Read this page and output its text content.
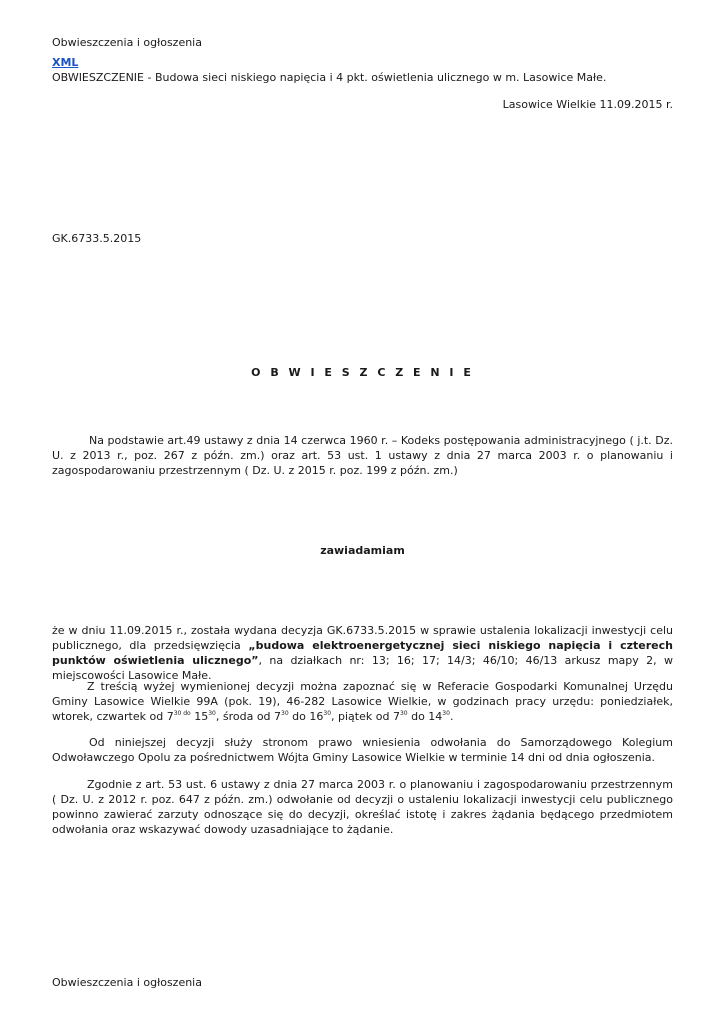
Obwieszczenia i ogłoszenia
XML
OBWIESZCZENIE - Budowa sieci niskiego napięcia i 4 pkt. oświetlenia ulicznego w m. Lasowice Małe.
Lasowice Wielkie 11.09.2015 r.
GK.6733.5.2015
O B W I E S Z C Z E N I E
Na podstawie art.49 ustawy z dnia 14 czerwca 1960 r. – Kodeks postępowania administracyjnego ( j.t. Dz. U. z 2013 r., poz. 267 z późn. zm.) oraz art. 53 ust. 1 ustawy z dnia 27 marca 2003 r. o planowaniu i zagospodarowaniu przestrzennym ( Dz. U. z 2015 r. poz. 199 z późn. zm.)
zawiadamiam
że w dniu 11.09.2015 r., została wydana decyzja GK.6733.5.2015 w sprawie ustalenia lokalizacji inwestycji celu publicznego, dla przedsięwzięcia „budowa elektroenergetycznej sieci niskiego napięcia i czterech punktów oświetlenia ulicznego”, na działkach nr: 13; 16; 17; 14/3; 46/10; 46/13 arkusz mapy 2, w miejscowości Lasowice Małe.
Z treścią wyżej wymienionej decyzji można zapoznać się w Referacie Gospodarki Komunalnej Urzędu Gminy Lasowice Wielkie 99A (pok. 19), 46-282 Lasowice Wielkie, w godzinach pracy urzędu: poniedziałek, wtorek, czwartek od $7^{30 do}$ $15^{30}$, środa od $7^{30}$ do $16^{30}$, piątek od $7^{30}$ do $14^{30}$.
Od niniejszej decyzji służy stronom prawo wniesienia odwołania do Samorządowego Kolegium Odwoławczego Opolu za pośrednictwem Wójta Gminy Lasowice Wielkie w terminie 14 dni od dnia ogłoszenia.
Zgodnie z art. 53 ust. 6 ustawy z dnia 27 marca 2003 r. o planowaniu i zagospodarowaniu przestrzennym ( Dz. U. z 2012 r. poz. 647 z późn. zm.) odwołanie od decyzji o ustaleniu lokalizacji inwestycji celu publicznego powinno zawierać zarzuty odnoszące się do decyzji, określać istotę i zakres żądania będącego przedmiotem odwołania oraz wskazywać dowody uzasadniające to żądanie.
Obwieszczenia i ogłoszenia
